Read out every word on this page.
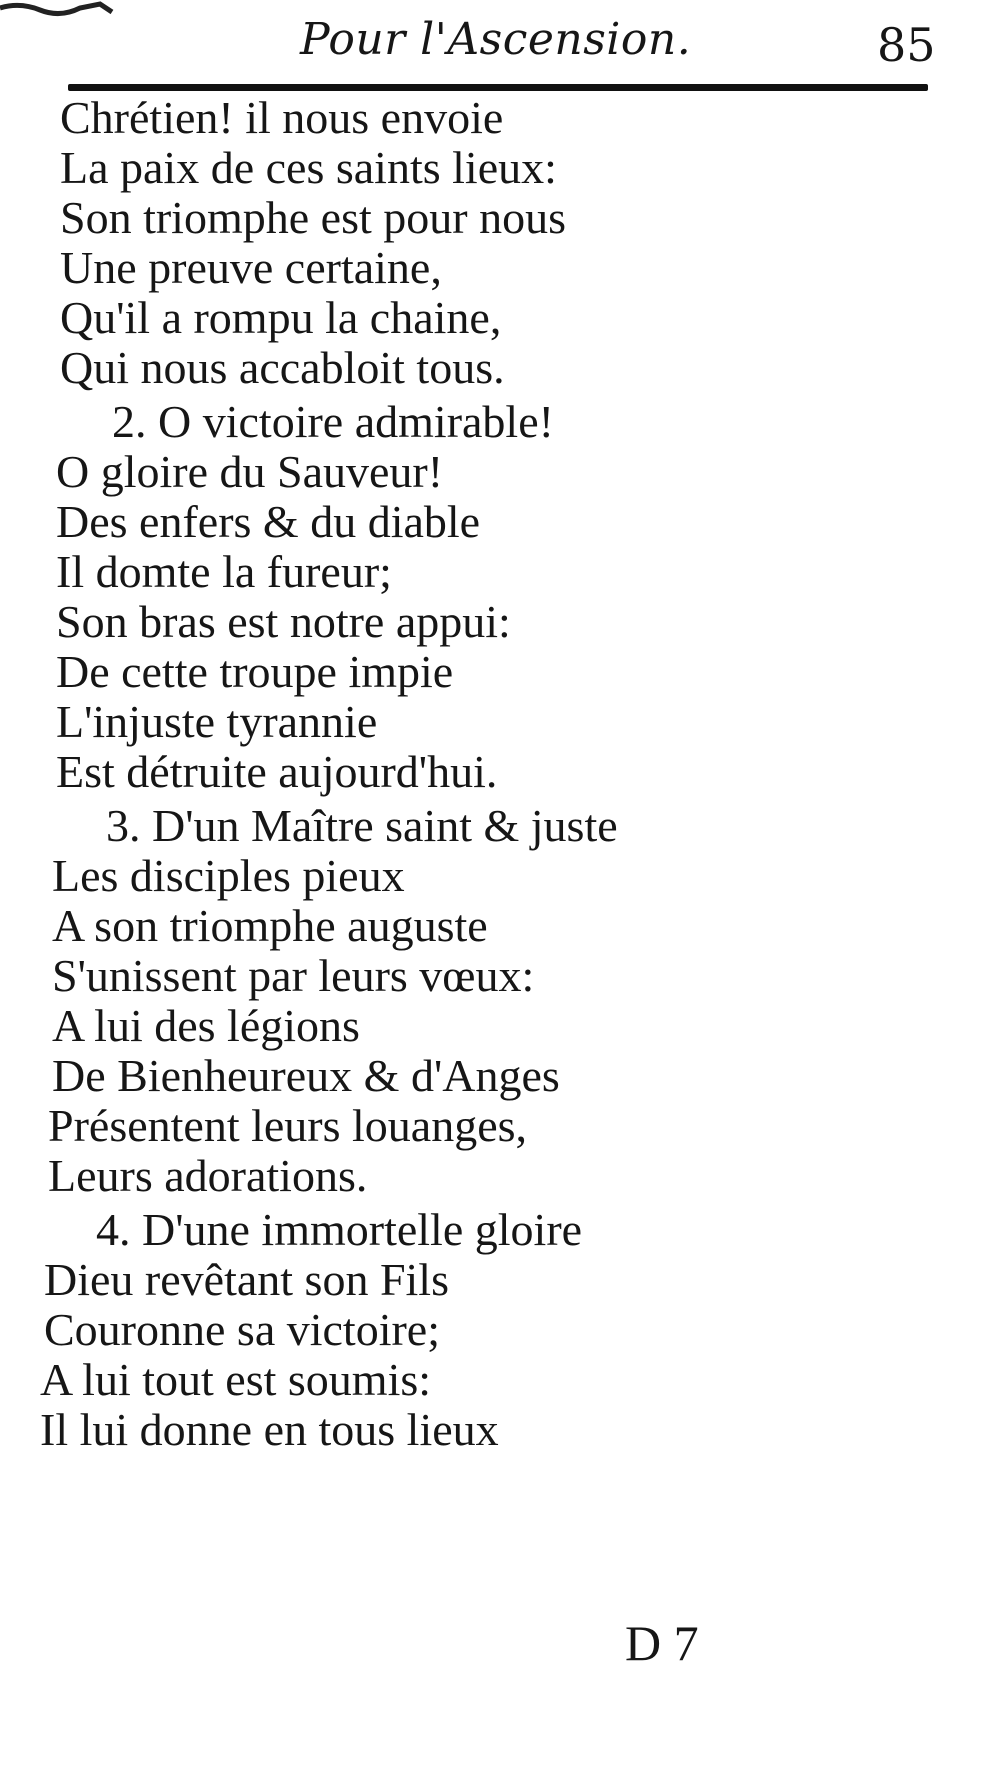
Pour l'Ascension.	85
Chrétien! il nous envoie
La paix de ces saints lieux:
Son triomphe est pour nous
Une preuve certaine,
Qu'il a rompu la chaine,
Qui nous accabloit tous.
2. O victoire admirable!
O gloire du Sauveur!
Des enfers & du diable
Il domte la fureur;
Son bras est notre appui:
De cette troupe impie
L'injuste tyrannie
Est détruite aujourd'hui.
3. D'un Maître saint & juste
Les disciples pieux
A son triomphe auguste
S'unissent par leurs vœux:
A lui des légions
De Bienheureux & d'Anges
Présentent leurs louanges,
Leurs adorations.
4. D'une immortelle gloire
Dieu revêtant son Fils
Couronne sa victoire;
A lui tout est soumis:
Il lui donne en tous lieux
D 7
